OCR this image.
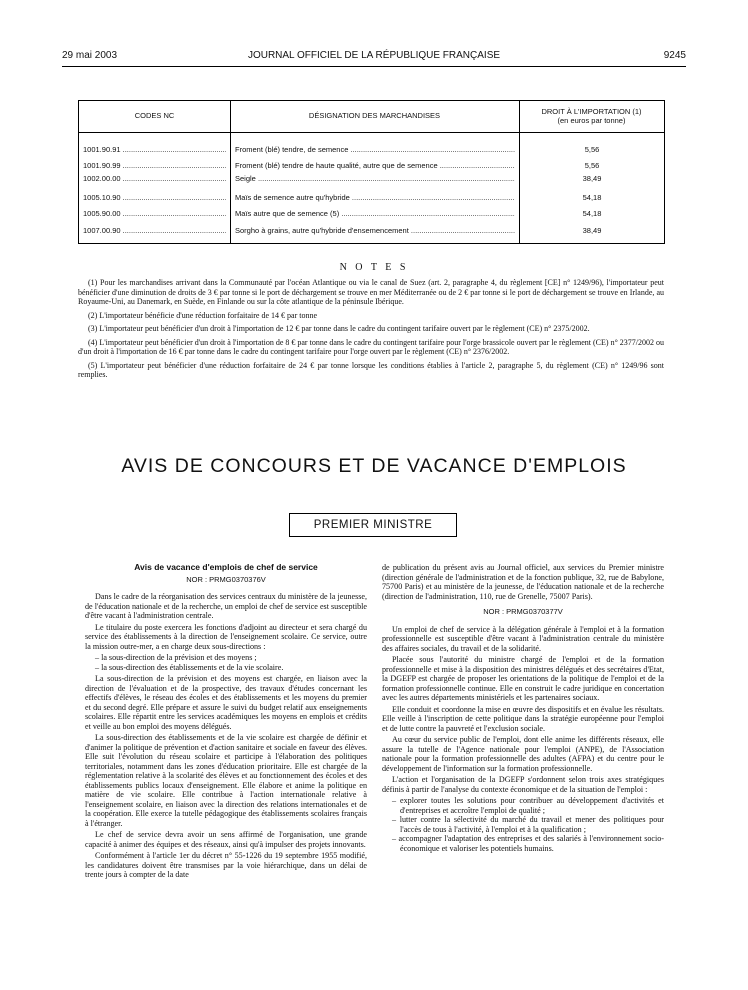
29 mai 2003	JOURNAL OFFICIEL DE LA RÉPUBLIQUE FRANÇAISE	9245
CODES NC	DÉSIGNATION DES MARCHANDISES	DROIT À L'IMPORTATION (1)
(en euros par tonne)
1001.90.91 .....	Froment (blé) tendre, de semence .....	5,56
1001.90.99 .....	Froment (blé) tendre de haute qualité, autre que de semence .....	5,56
1002.00.00 .....	Seigle .....	38,49
1005.10.90 .....	Maïs de semence autre qu'hybride .....	54,18
1005.90.00 .....	Maïs autre que de semence (5) .....	54,18
1007.00.90 .....	Sorgho à grains, autre qu'hybride d'ensemencement .....	38,49
N O T E S

(1) Pour les marchandises arrivant dans la Communauté par l'océan Atlantique ou via le canal de Suez (art. 2, paragraphe 4, du règlement [CE] n° 1249/96), l'importateur peut bénéficier d'une diminution de droits de 3 € par tonne si le port de déchargement se trouve en mer Méditerranée ou de 2 € par tonne si le port de déchargement se trouve en Irlande, au Royaume-Uni, au Danemark, en Suède, en Finlande ou sur la côte atlantique de la péninsule Ibérique.

(2) L'importateur bénéficie d'une réduction forfaitaire de 14 € par tonne

(3) L'importateur peut bénéficier d'un droit à l'importation de 12 € par tonne dans le cadre du contingent tarifaire ouvert par le règlement (CE) n° 2375/2002.

(4) L'importateur peut bénéficier d'un droit à l'importation de 8 € par tonne dans le cadre du contingent tarifaire pour l'orge brassicole ouvert par le règlement (CE) n° 2377/2002 ou d'un droit à l'importation de 16 € par tonne dans le cadre du contingent tarifaire pour l'orge ouvert par le règlement (CE) n° 2376/2002.

(5) L'importateur peut bénéficier d'une réduction forfaitaire de 24 € par tonne lorsque les conditions établies à l'article 2, paragraphe 5, du règlement (CE) n° 1249/96 sont remplies.

AVIS DE CONCOURS ET DE VACANCE D'EMPLOIS
PREMIER MINISTRE

Avis de vacance d'emplois de chef de service

NOR : PRMG0370376V

Dans le cadre de la réorganisation des services centraux du ministère de la jeunesse, de l'éducation nationale et de la recherche, un emploi de chef de service est susceptible d'être vacant à l'administration centrale.

Le titulaire du poste exercera les fonctions d'adjoint au directeur et sera chargé du service des établissements à la direction de l'enseignement scolaire. Ce service, outre la mission outre-mer, a en charge deux sous-directions :

– la sous-direction de la prévision et des moyens ;

– la sous-direction des établissements et de la vie scolaire.

La sous-direction de la prévision et des moyens est chargée, en liaison avec la direction de l'évaluation et de la prospective, des travaux d'études concernant les effectifs d'élèves, le réseau des écoles et des établissements et les moyens du premier et du second degré. Elle prépare et assure le suivi du budget relatif aux enseignements scolaires. Elle répartit entre les services académiques les moyens en emplois et crédits et veille au bon emploi des moyens délégués.

La sous-direction des établissements et de la vie scolaire est chargée de définir et d'animer la politique de prévention et d'action sanitaire et sociale en faveur des élèves. Elle suit l'évolution du réseau scolaire et participe à l'élaboration des politiques territoriales, notamment dans les zones d'éducation prioritaire. Elle est chargée de la réglementation relative à la scolarité des élèves et au fonctionnement des écoles et des établissements publics locaux d'enseignement. Elle élabore et anime la politique en matière de vie scolaire. Elle contribue à l'action internationale relative à l'enseignement scolaire, en liaison avec la direction des relations internationales et de la coopération. Elle exerce la tutelle pédagogique des établissements scolaires français à l'étranger.

Le chef de service devra avoir un sens affirmé de l'organisation, une grande capacité à animer des équipes et des réseaux, ainsi qu'à impulser des projets innovants.

Conformément à l'article 1er du décret n° 55-1226 du 19 septembre 1955 modifié, les candidatures doivent être transmises par la voie hiérarchique, dans un délai de trente jours à compter de la date

de publication du présent avis au Journal officiel, aux services du Premier ministre (direction générale de l'administration et de la fonction publique, 32, rue de Babylone, 75700 Paris) et au ministère de la jeunesse, de l'éducation nationale et de la recherche (direction de l'administration, 110, rue de Grenelle, 75007 Paris).

NOR : PRMG0370377V

Un emploi de chef de service à la délégation générale à l'emploi et à la formation professionnelle est susceptible d'être vacant à l'administration centrale du ministère des affaires sociales, du travail et de la solidarité.

Placée sous l'autorité du ministre chargé de l'emploi et de la formation professionnelle et mise à la disposition des ministres délégués et des secrétaires d'Etat, la DGEFP est chargée de proposer les orientations de la politique de l'emploi et de la formation professionnelle continue. Elle en construit le cadre juridique en concertation avec les autres départements ministériels et les partenaires sociaux.

Elle conduit et coordonne la mise en œuvre des dispositifs et en évalue les résultats. Elle veille à l'inscription de cette politique dans la stratégie européenne pour l'emploi et de lutte contre la pauvreté et l'exclusion sociale.

Au cœur du service public de l'emploi, dont elle anime les différents réseaux, elle assure la tutelle de l'Agence nationale pour l'emploi (ANPE), de l'Association nationale pour la formation professionnelle des adultes (AFPA) et du centre pour le développement de l'information sur la formation professionnelle.

L'action et l'organisation de la DGEFP s'ordonnent selon trois axes stratégiques définis à partir de l'analyse du contexte économique et de la situation de l'emploi :

– explorer toutes les solutions pour contribuer au développement d'activités et d'entreprises et accroître l'emploi de qualité ;

– lutter contre la sélectivité du marché du travail et mener des politiques pour l'accès de tous à l'activité, à l'emploi et à la qualification ;

– accompagner l'adaptation des entreprises et des salariés à l'environnement socio-économique et valoriser les potentiels humains.
